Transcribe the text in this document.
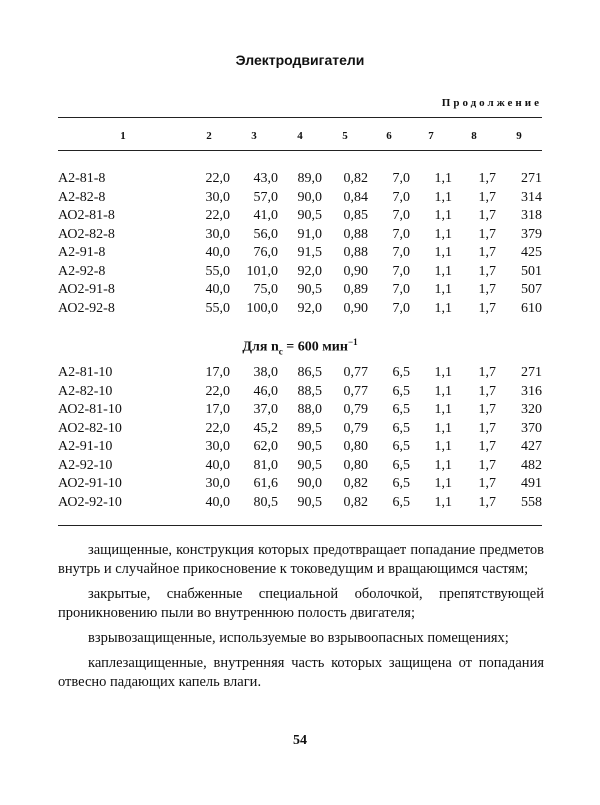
Электродвигатели
Продолжение
1	2	3	4	5	6	7	8	9
А2-81-8	22,0	43,0	89,0	0,82	7,0	1,1	1,7	271
А2-82-8	30,0	57,0	90,0	0,84	7,0	1,1	1,7	314
АО2-81-8	22,0	41,0	90,5	0,85	7,0	1,1	1,7	318
АО2-82-8	30,0	56,0	91,0	0,88	7,0	1,1	1,7	379
А2-91-8	40,0	76,0	91,5	0,88	7,0	1,1	1,7	425
А2-92-8	55,0	101,0	92,0	0,90	7,0	1,1	1,7	501
АО2-91-8	40,0	75,0	90,5	0,89	7,0	1,1	1,7	507
АО2-92-8	55,0	100,0	92,0	0,90	7,0	1,1	1,7	610
Для $n_с = 600$ мин$^{-1}$
А2-81-10	17,0	38,0	86,5	0,77	6,5	1,1	1,7	271
А2-82-10	22,0	46,0	88,5	0,77	6,5	1,1	1,7	316
АО2-81-10	17,0	37,0	88,0	0,79	6,5	1,1	1,7	320
АО2-82-10	22,0	45,2	89,5	0,79	6,5	1,1	1,7	370
А2-91-10	30,0	62,0	90,5	0,80	6,5	1,1	1,7	427
А2-92-10	40,0	81,0	90,5	0,80	6,5	1,1	1,7	482
АО2-91-10	30,0	61,6	90,0	0,82	6,5	1,1	1,7	491
АО2-92-10	40,0	80,5	90,5	0,82	6,5	1,1	1,7	558

защищенные, конструкция которых предотвращает попадание предметов внутрь и случайное прикосновение к токоведущим и вращающимся частям;

закрытые, снабженные специальной оболочкой, препятствующей проникновению пыли во внутреннюю полость двигателя;

взрывозащищенные, используемые во взрывоопасных помещениях;

каплезащищенные, внутренняя часть которых защищена от попадания отвесно падающих капель влаги.

54
